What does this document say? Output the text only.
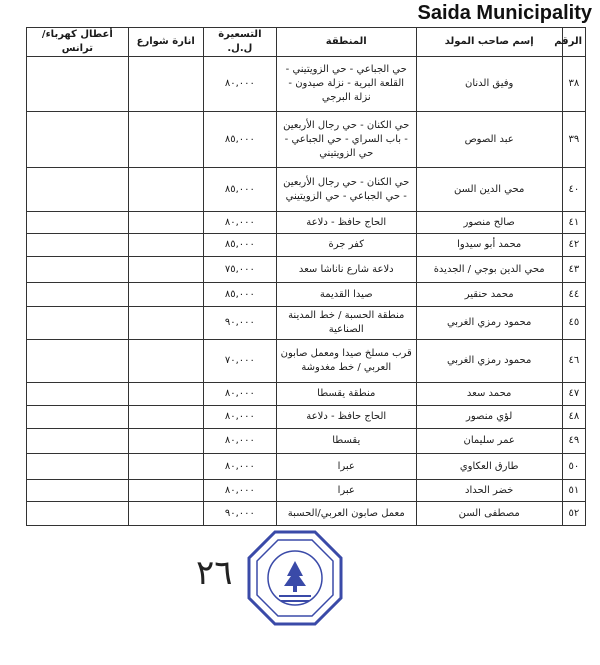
Saida Municipality
الرقم	إسم صاحب المولد	المنطقة	التسعيرة ل.ل.	انارة شوارع	أعطال كهرباء/ترانس
٣٨	وفيق الدنان	حي الجباعي - حي الزويتيني - القلعة البرية - نزلة صيدون - نزلة البرجي	٨٠,٠٠٠		
٣٩	عبد الصوص	حي الكنان - حي رجال الأربعين - باب السراي - حي الجباعي - حي الزويتيني	٨٥,٠٠٠		
٤٠	محي الدين السن	حي الكنان - حي رجال الأربعين - حي الجباعي - حي الزويتيني	٨٥,٠٠٠		
٤١	صالح منصور	الحاج حافظ - دلاعة	٨٠,٠٠٠		
٤٢	محمد أبو سيدوا	كفر جرة	٨٥,٠٠٠		
٤٣	محي الدين بوجي / الجديدة	دلاعة شارع ناناشا سعد	٧٥,٠٠٠		
٤٤	محمد حنقير	صيدا القديمة	٨٥,٠٠٠		
٤٥	محمود رمزي الغربي	منطقة الحسبة / خط المدينة الصناعية	٩٠,٠٠٠		
٤٦	محمود رمزي الغربي	قرب مسلخ صيدا ومعمل صابون العربي / خط مغدوشة	٧٠,٠٠٠		
٤٧	محمد سعد	منطقة يقسطا	٨٠,٠٠٠		
٤٨	لؤي منصور	الحاج حافظ - دلاعة	٨٠,٠٠٠		
٤٩	عمر سليمان	يقسطا	٨٠,٠٠٠		
٥٠	طارق العكاوي	عبرا	٨٠,٠٠٠		
٥١	خضر الحداد	عبرا	٨٠,٠٠٠		
٥٢	مصطفى السن	معمل صابون العربي/الحسبة	٩٠,٠٠٠		
٢٦
